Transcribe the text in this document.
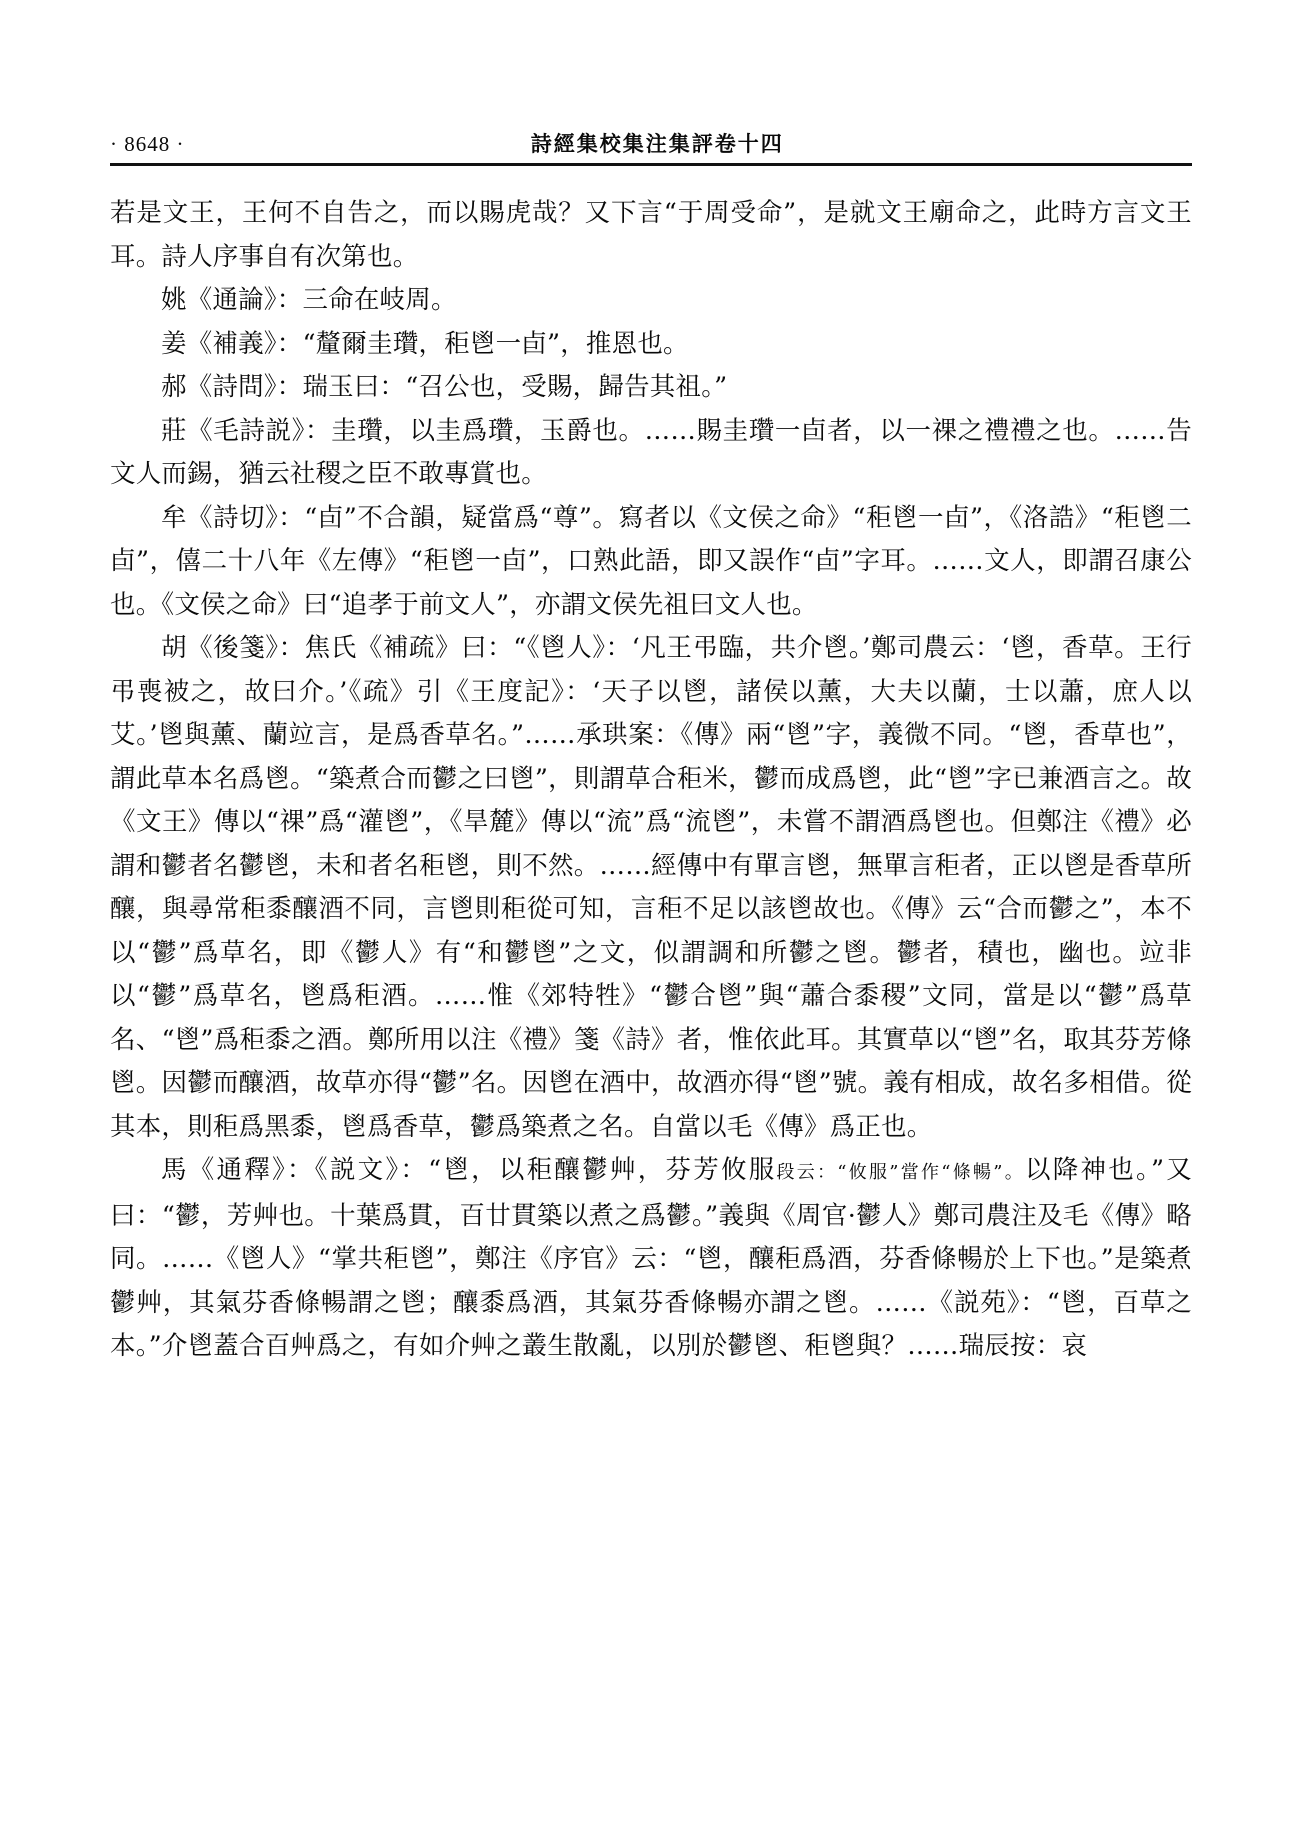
· 8648 ·	詩經集校集注集評卷十四

若是文王，王何不自告之，而以賜虎哉？又下言“于周受命”，是就文王廟命之，此時方言文王耳。詩人序事自有次第也。

姚《通論》：三命在岐周。

姜《補義》：“釐爾圭瓚，秬鬯一卣”，推恩也。

郝《詩問》：瑞玉曰：“召公也，受賜，歸告其祖。”

莊《毛詩説》：圭瓚，以圭爲瓚，玉爵也。……賜圭瓚一卣者，以一祼之禮禮之也。……告文人而錫，猶云社稷之臣不敢專賞也。

牟《詩切》：“卣”不合韻，疑當爲“尊”。寫者以《文侯之命》“秬鬯一卣”，《洛誥》“秬鬯二卣”，僖二十八年《左傳》“秬鬯一卣”，口熟此語，即又誤作“卣”字耳。……文人，即謂召康公也。《文侯之命》曰“追孝于前文人”，亦謂文侯先祖曰文人也。

胡《後箋》：焦氏《補疏》曰：“《鬯人》：‘凡王弔臨，共介鬯。’鄭司農云：‘鬯，香草。王行弔喪被之，故曰介。’《疏》引《王度記》：‘天子以鬯，諸侯以薰，大夫以蘭，士以蕭，庶人以艾。’鬯與薰、蘭竝言，是爲香草名。”……承珙案：《傳》兩“鬯”字，義微不同。“鬯，香草也”，謂此草本名爲鬯。“築煮合而鬱之曰鬯”，則謂草合秬米，鬱而成爲鬯，此“鬯”字已兼酒言之。故《文王》傳以“祼”爲“灌鬯”，《旱麓》傳以“流”爲“流鬯”，未嘗不謂酒爲鬯也。但鄭注《禮》必謂和鬱者名鬱鬯，未和者名秬鬯，則不然。……經傳中有單言鬯，無單言秬者，正以鬯是香草所釀，與尋常秬黍釀酒不同，言鬯則秬從可知，言秬不足以該鬯故也。《傳》云“合而鬱之”，本不以“鬱”爲草名，即《鬱人》有“和鬱鬯”之文，似謂調和所鬱之鬯。鬱者，積也，幽也。竝非以“鬱”爲草名，鬯爲秬酒。……惟《郊特牲》“鬱合鬯”與“蕭合黍稷”文同，當是以“鬱”爲草名、“鬯”爲秬黍之酒。鄭所用以注《禮》箋《詩》者，惟依此耳。其實草以“鬯”名，取其芬芳條鬯。因鬱而釀酒，故草亦得“鬱”名。因鬯在酒中，故酒亦得“鬯”號。義有相成，故名多相借。從其本，則秬爲黑黍，鬯爲香草，鬱爲築煮之名。自當以毛《傳》爲正也。

馬《通釋》：《説文》：“鬯，以秬釀鬱艸，芬芳攸服段云：“攸服”當作“條暢”。以降神也。”又曰：“鬱，芳艸也。十葉爲貫，百廿貫築以煮之爲鬱。”義與《周官·鬱人》鄭司農注及毛《傳》略同。……《鬯人》“掌共秬鬯”，鄭注《序官》云：“鬯，釀秬爲酒，芬香條暢於上下也。”是築煮鬱艸，其氣芬香條暢謂之鬯；釀黍爲酒，其氣芬香條暢亦謂之鬯。……《説苑》：“鬯，百草之本。”介鬯蓋合百艸爲之，有如介艸之叢生散亂，以別於鬱鬯、秬鬯與？……瑞辰按：哀
